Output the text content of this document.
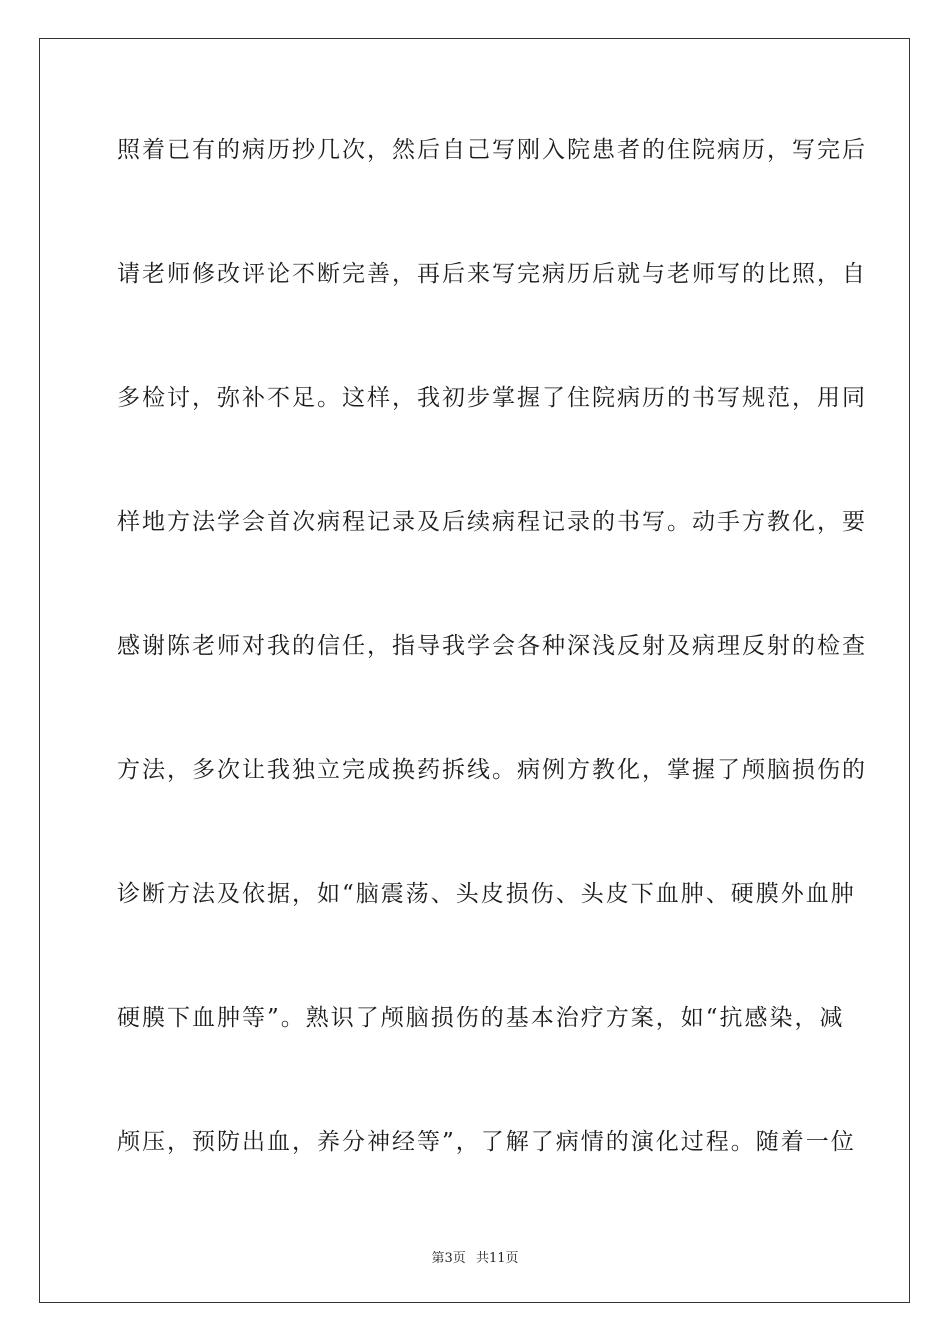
照着已有的病历抄几次，然后自己写刚入院患者的住院病历，写完后
请老师修改评论不断完善，再后来写完病历后就与老师写的比照，自
多检讨，弥补不足。这样，我初步掌握了住院病历的书写规范，用同
样地方法学会首次病程记录及后续病程记录的书写。动手方教化，要
感谢陈老师对我的信任，指导我学会各种深浅反射及病理反射的检查
方法，多次让我独立完成换药拆线。病例方教化，掌握了颅脑损伤的
诊断方法及依据，如“脑震荡、头皮损伤、头皮下血肿、硬膜外血肿
硬膜下血肿等”。熟识了颅脑损伤的基本治疗方案，如“抗感染，减
颅压，预防出血，养分神经等”，了解了病情的演化过程。随着一位
第3页 共11页
